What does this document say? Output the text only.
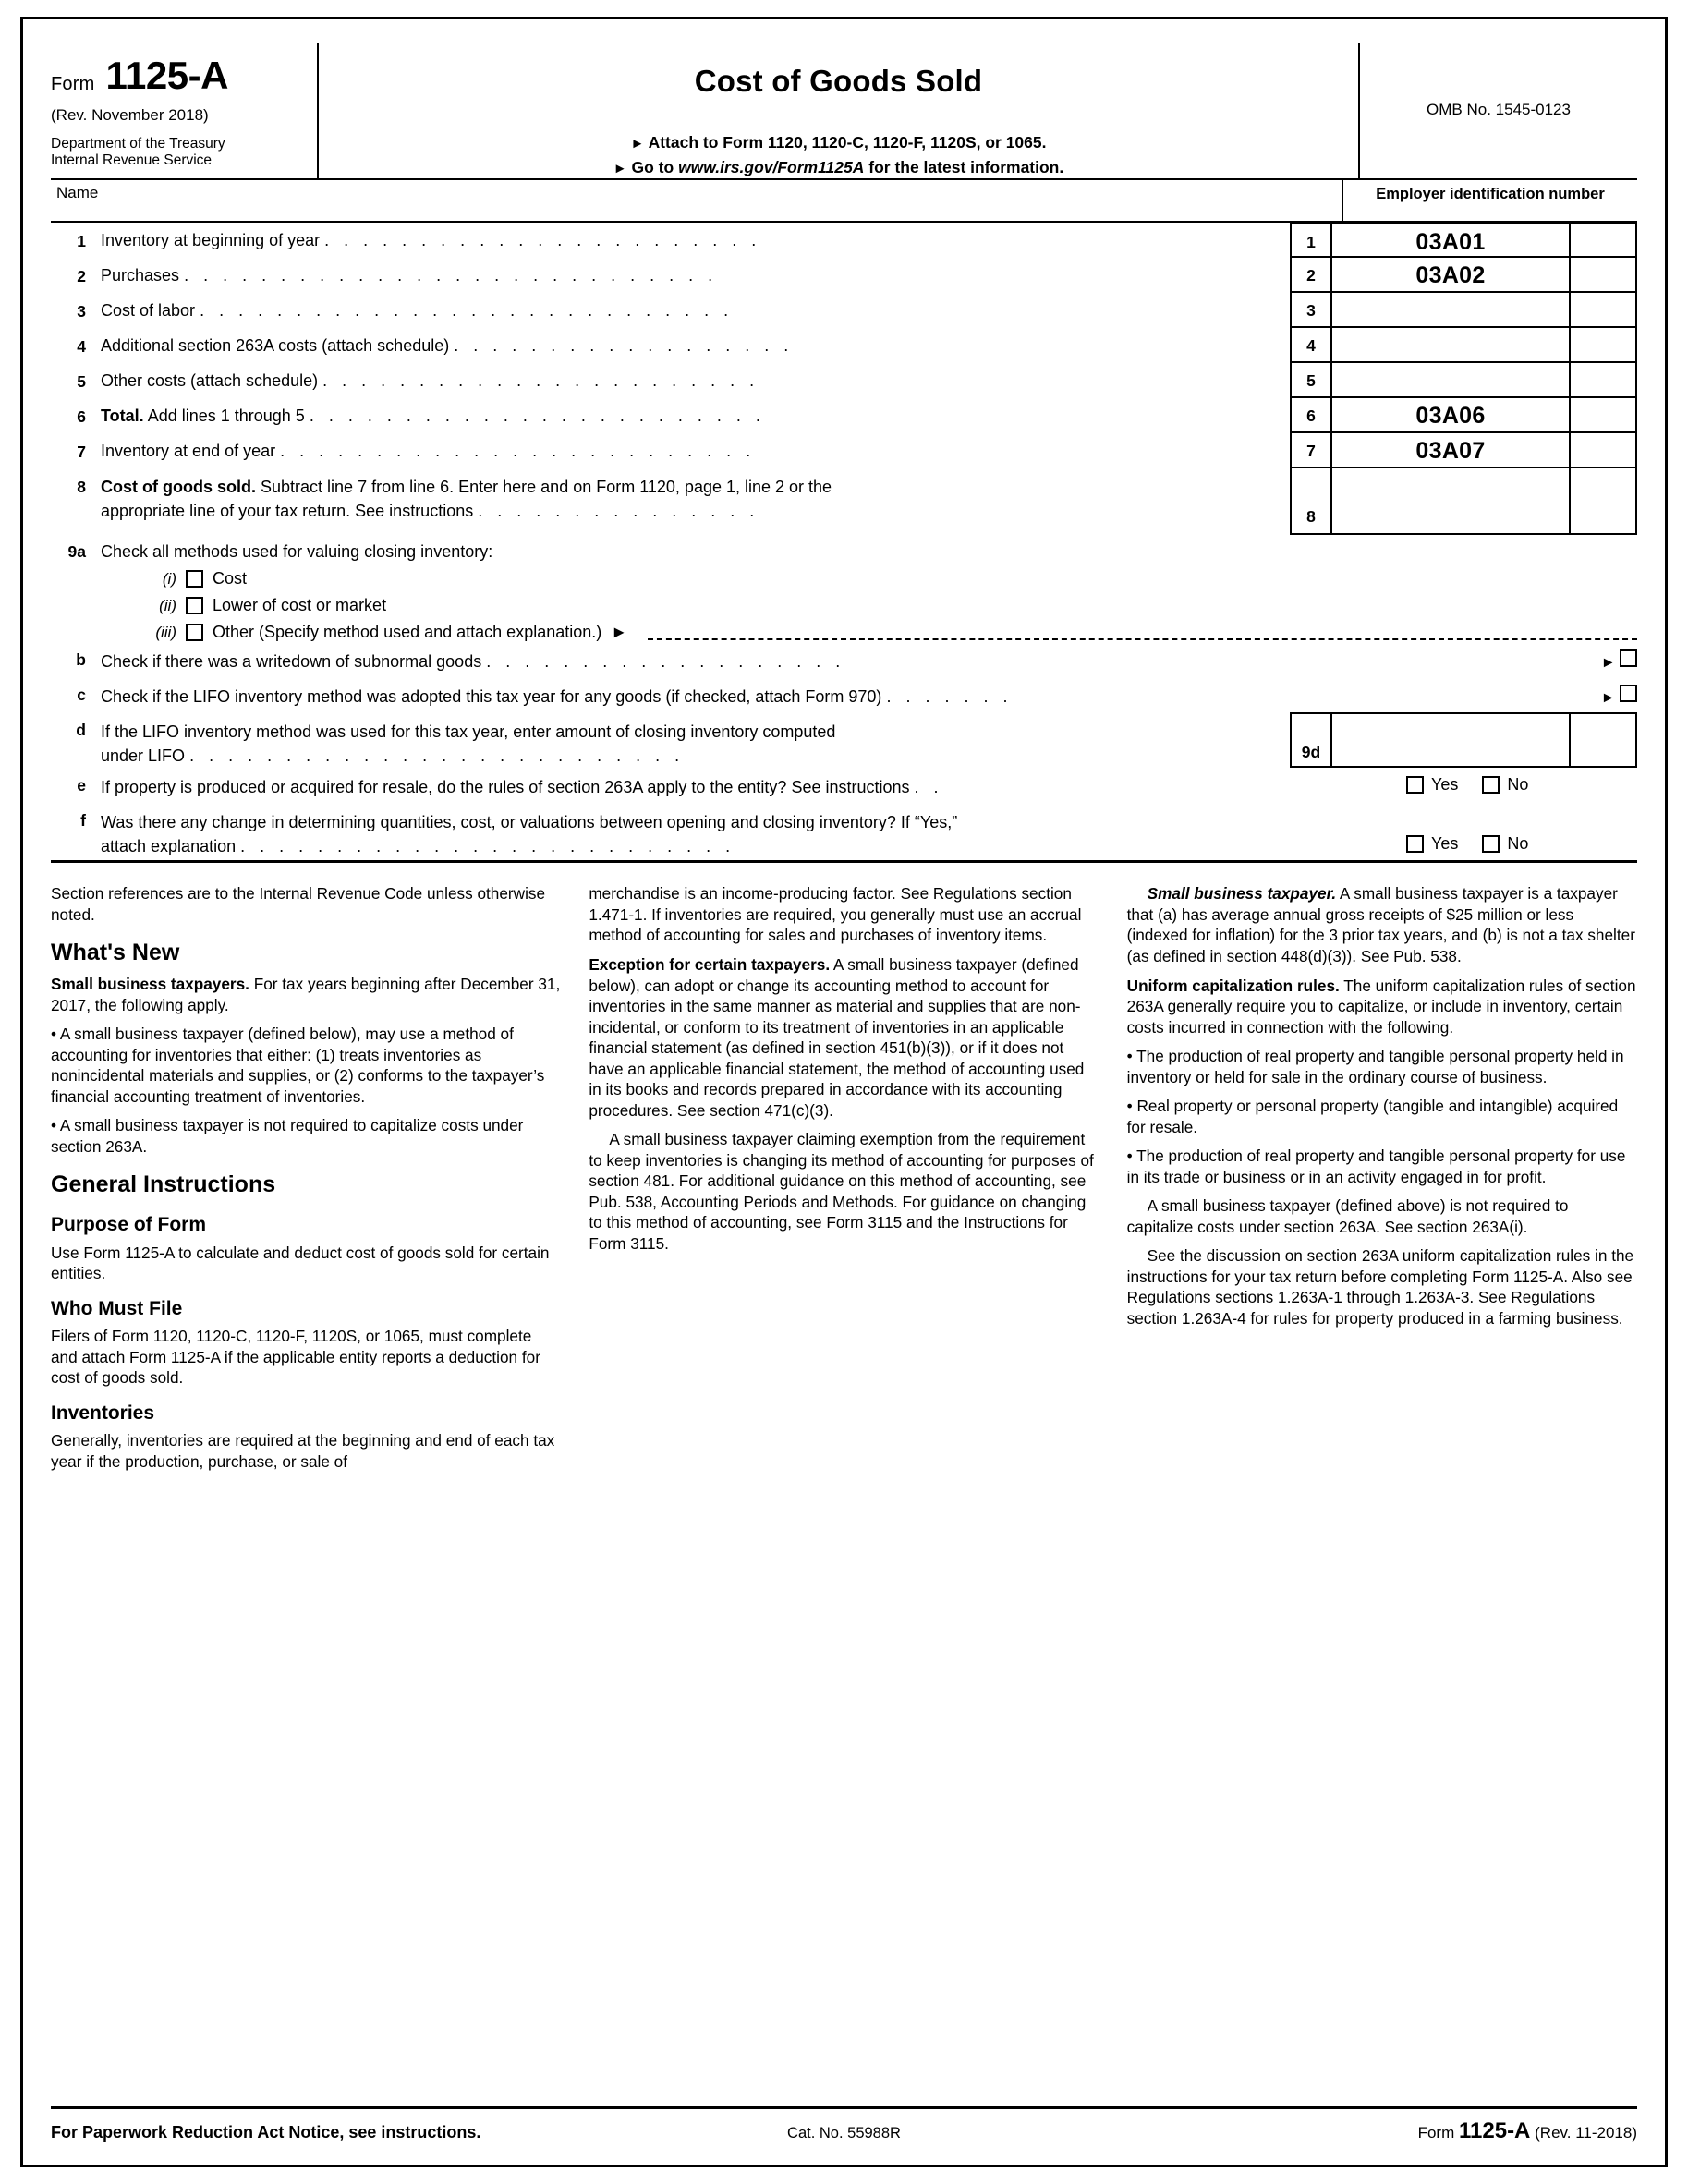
Form 1125-A
(Rev. November 2018)
Department of the Treasury
Internal Revenue Service
Cost of Goods Sold
► Attach to Form 1120, 1120-C, 1120-F, 1120S, or 1065.
► Go to www.irs.gov/Form1125A for the latest information.
OMB No. 1545-0123
Name	Employer identification number
1 Inventory at beginning of year . . . . . . . . . . . . . . . . . . . . . . .	1	03A01
2 Purchases . . . . . . . . . . . . . . . . . . . . . . . . . . . .	2	03A02
3 Cost of labor . . . . . . . . . . . . . . . . . . . . . . . . . . . .	3
4 Additional section 263A costs (attach schedule) . . . . . . . . . . . . . . . . . .	4
5 Other costs (attach schedule) . . . . . . . . . . . . . . . . . . . . . . .	5
6 Total. Add lines 1 through 5 . . . . . . . . . . . . . . . . . . . . . . . .	6	03A06
7 Inventory at end of year . . . . . . . . . . . . . . . . . . . . . . . . .	7	03A07
8 Cost of goods sold. Subtract line 7 from line 6. Enter here and on Form 1120, page 1, line 2 or the
appropriate line of your tax return. See instructions . . . . . . . . . . . . . . .	8
9a Check all methods used for valuing closing inventory:
(i) Cost
(ii) Lower of cost or market
(iii) Other (Specify method used and attach explanation.) ►
b Check if there was a writedown of subnormal goods . . . . . . . . . . . . . . . . . . .	►
c Check if the LIFO inventory method was adopted this tax year for any goods (if checked, attach Form 970) . . . . . . .	►
d If the LIFO inventory method was used for this tax year, enter amount of closing inventory computed
under LIFO . . . . . . . . . . . . . . . . . . . . . . . . . .	9d
e If property is produced or acquired for resale, do the rules of section 263A apply to the entity? See instructions . .	Yes	No
f Was there any change in determining quantities, cost, or valuations between opening and closing inventory? If “Yes,”
attach explanation . . . . . . . . . . . . . . . . . . . . . . . . . .	Yes	No

Section references are to the Internal Revenue Code unless otherwise noted.

What's New

Small business taxpayers. For tax years beginning after December 31, 2017, the following apply.

• A small business taxpayer (defined below), may use a method of accounting for inventories that either: (1) treats inventories as nonincidental materials and supplies, or (2) conforms to the taxpayer’s financial accounting treatment of inventories.

• A small business taxpayer is not required to capitalize costs under section 263A.

General Instructions
Purpose of Form

Use Form 1125-A to calculate and deduct cost of goods sold for certain entities.

Who Must File

Filers of Form 1120, 1120-C, 1120-F, 1120S, or 1065, must complete and attach Form 1125-A if the applicable entity reports a deduction for cost of goods sold.

Inventories

Generally, inventories are required at the beginning and end of each tax year if the production, purchase, or sale of

merchandise is an income-producing factor. See Regulations section 1.471-1. If inventories are required, you generally must use an accrual method of accounting for sales and purchases of inventory items.

Exception for certain taxpayers. A small business taxpayer (defined below), can adopt or change its accounting method to account for inventories in the same manner as material and supplies that are non-incidental, or conform to its treatment of inventories in an applicable financial statement (as defined in section 451(b)(3)), or if it does not have an applicable financial statement, the method of accounting used in its books and records prepared in accordance with its accounting procedures. See section 471(c)(3).

A small business taxpayer claiming exemption from the requirement to keep inventories is changing its method of accounting for purposes of section 481. For additional guidance on this method of accounting, see Pub. 538, Accounting Periods and Methods. For guidance on changing to this method of accounting, see Form 3115 and the Instructions for Form 3115.

Small business taxpayer. A small business taxpayer is a taxpayer that (a) has average annual gross receipts of $25 million or less (indexed for inflation) for the 3 prior tax years, and (b) is not a tax shelter (as defined in section 448(d)(3)). See Pub. 538.

Uniform capitalization rules. The uniform capitalization rules of section 263A generally require you to capitalize, or include in inventory, certain costs incurred in connection with the following.

• The production of real property and tangible personal property held in inventory or held for sale in the ordinary course of business.

• Real property or personal property (tangible and intangible) acquired for resale.

• The production of real property and tangible personal property for use in its trade or business or in an activity engaged in for profit.

A small business taxpayer (defined above) is not required to capitalize costs under section 263A. See section 263A(i).

See the discussion on section 263A uniform capitalization rules in the instructions for your tax return before completing Form 1125-A. Also see Regulations sections 1.263A-1 through 1.263A-3. See Regulations section 1.263A-4 for rules for property produced in a farming business.

For Paperwork Reduction Act Notice, see instructions.	Cat. No. 55988R	Form 1125-A (Rev. 11-2018)
